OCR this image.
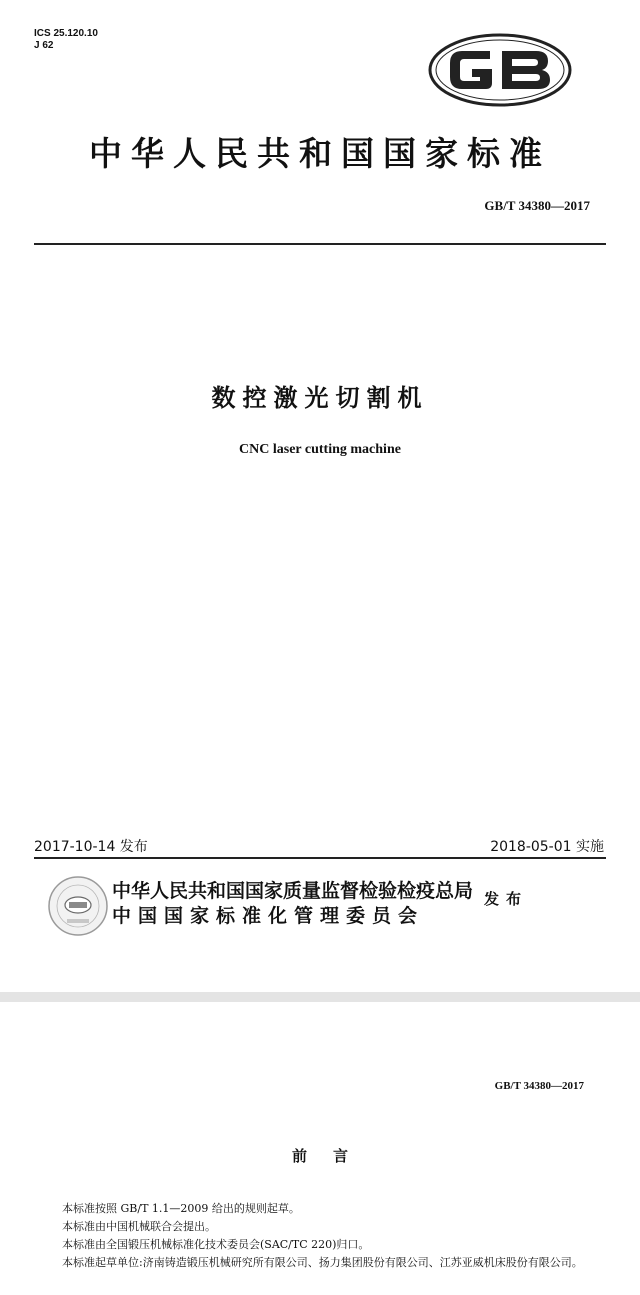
ICS 25.120.10
J 62
中华人民共和国国家标准
GB/T 34380—2017
数控激光切割机
CNC laser cutting machine
2017-10-14 发布	2018-05-01 实施
中华人民共和国国家质量监督检验检疫总局
中国国家标准化管理委员会
发布
GB/T 34380—2017
前言
本标准按照 GB/T 1.1—2009 给出的规则起草。
本标准由中国机械联合会提出。
本标准由全国锻压机械标准化技术委员会(SAC/TC 220)归口。
本标准起草单位:济南铸造锻压机械研究所有限公司、扬力集团股份有限公司、江苏亚威机床股份有限公司。
